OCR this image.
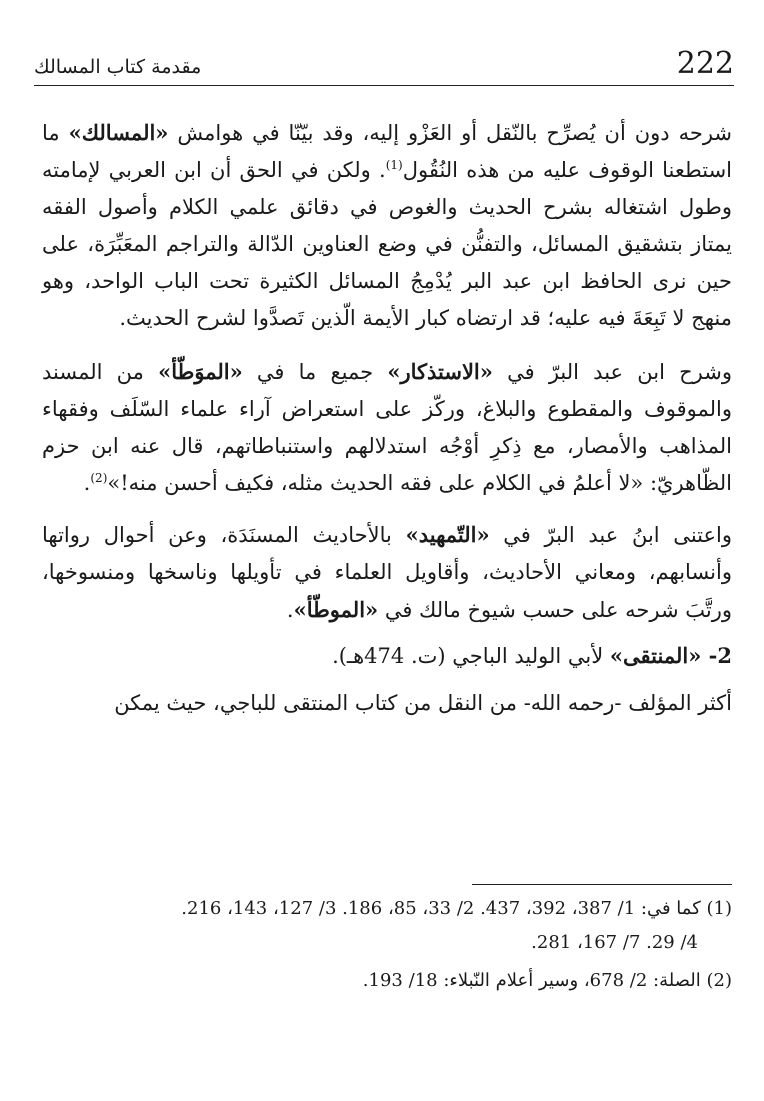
222
مقدمة كتاب المسالك

شرحه دون أن يُصرِّح بالنّقل أو العَزْو إليه، وقد بيّنّا في هوامش «المسالك» ما استطعنا الوقوف عليه من هذه النُقُول$^{(1)}$. ولكن في الحق أن ابن العربي لإمامته وطول اشتغاله بشرح الحديث والغوص في دقائق علمي الكلام وأصول الفقه يمتاز بتشقيق المسائل، والتفنُّن في وضع العناوين الدّالة والتراجم المعَبِّرَة، على حين نرى الحافظ ابن عبد البر يُدْمِجُ المسائل الكثيرة تحت الباب الواحد، وهو منهج لا تَبِعَةَ فيه عليه؛ قد ارتضاه كبار الأيمة الّذين تَصدَّوا لشرح الحديث.

وشرح ابن عبد البرّ في «الاستذكار» جميع ما في «الموَطّأ» من المسند والموقوف والمقطوع والبلاغ، وركّز على استعراض آراء علماء السّلَف وفقهاء المذاهب والأمصار، مع ذِكرِ أوْجُه استدلالهم واستنباطاتهم، قال عنه ابن حزم الظّاهريّ: «لا أعلمُ في الكلام على فقه الحديث مثله، فكيف أحسن منه!»$^{(2)}$.

واعتنى ابنُ عبد البرّ في «التّمهيد» بالأحاديث المسنَدَة، وعن أحوال رواتها وأنسابهم، ومعاني الأحاديث، وأقاويل العلماء في تأويلها وناسخها ومنسوخها، ورتَّبَ شرحه على حسب شيوخ مالك في «الموطّأ».

2- «المنتقى» لأبي الوليد الباجي (ت. 474هـ).

أكثر المؤلف -رحمه الله- من النقل من كتاب المنتقى للباجي، حيث يمكن

(1) كما في: 1/ 387، 392، 437. 2/ 33، 85، 186. 3/ 127، 143، 216.

4/ 29. 7/ 167، 281.

(2) الصلة: 2/ 678، وسير أعلام النّبلاء: 18/ 193.
